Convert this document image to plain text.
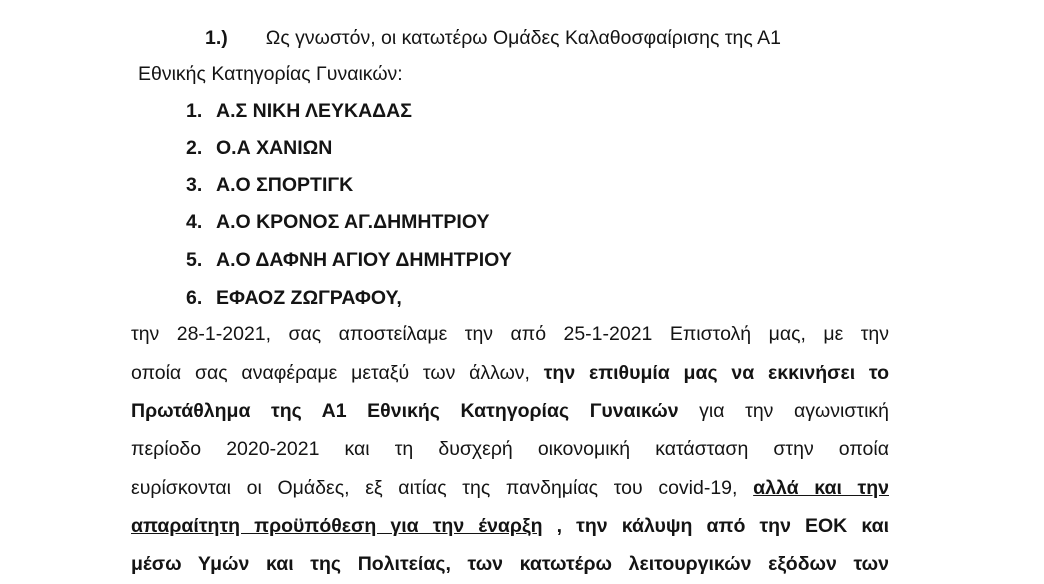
1.) Ως γνωστόν, οι κατωτέρω Ομάδες Καλαθοσφαίρισης της Α1
Εθνικής Κατηγορίας Γυναικών:
1. Α.Σ ΝΙΚΗ ΛΕΥΚΑΔΑΣ
2. Ο.Α ΧΑΝΙΩΝ
3. Α.Ο ΣΠΟΡΤΙΓΚ
4. Α.Ο ΚΡΟΝΟΣ ΑΓ.ΔΗΜΗΤΡΙΟΥ
5. Α.Ο ΔΑΦΝΗ ΑΓΙΟΥ ΔΗΜΗΤΡΙΟΥ
6. ΕΦΑΟΖ ΖΩΓΡΑΦΟΥ,
την 28-1-2021, σας αποστείλαμε την από 25-1-2021 Επιστολή μας, με την
οποία σας αναφέραμε μεταξύ των άλλων, την επιθυμία μας να εκκινήσει το
Πρωτάθλημα της Α1 Εθνικής Κατηγορίας Γυναικών για την αγωνιστική
περίοδο 2020-2021 και τη δυσχερή οικονομική κατάσταση στην οποία
ευρίσκονται οι Ομάδες, εξ αιτίας της πανδημίας του covid-19, αλλά και την
απαραίτητη προϋπόθεση για την έναρξη , την κάλυψη από την ΕΟΚ και
μέσω Υμών και της Πολιτείας, των κατωτέρω λειτουργικών εξόδων των
